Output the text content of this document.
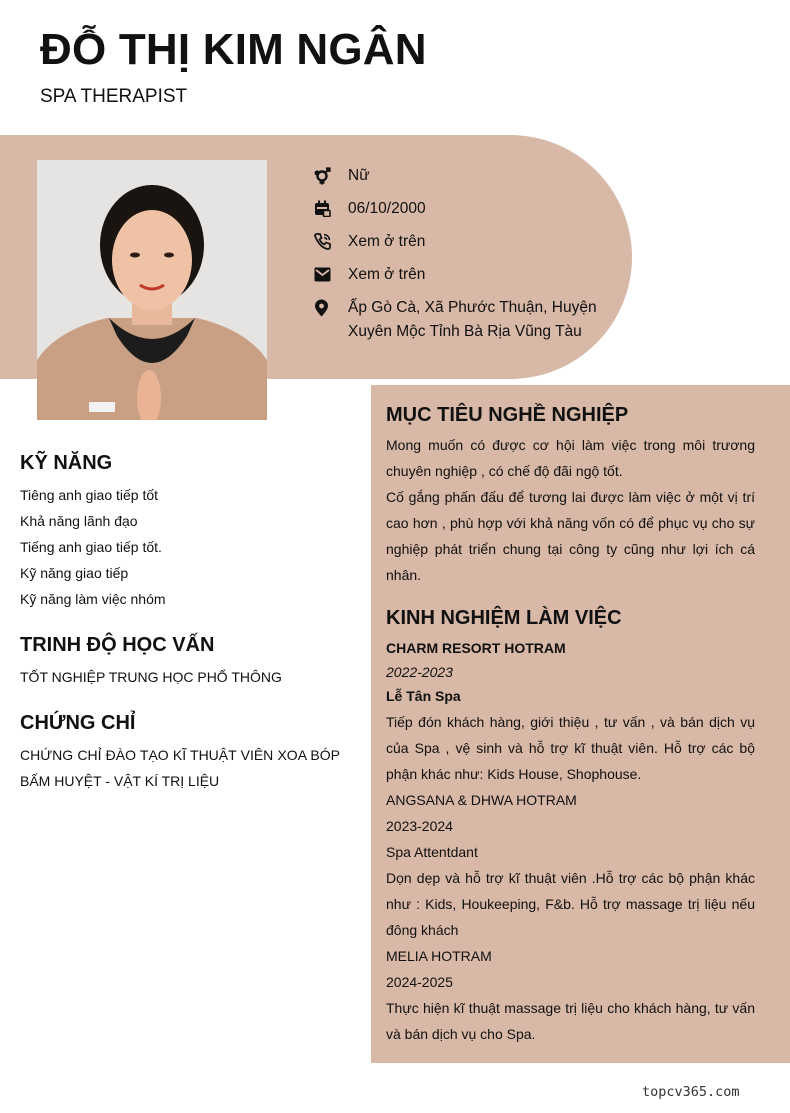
ĐỖ THỊ KIM NGÂN
SPA THERAPIST
Nữ
06/10/2000
Xem ở trên
Xem ở trên
Ấp Gò Cà, Xã Phước Thuận, Huyện Xuyên Mộc Tỉnh Bà Rịa Vũng Tàu
KỸ NĂNG
Tiêng anh giao tiếp tốt
Khả năng lãnh đạo
Tiếng anh giao tiếp tốt.
Kỹ năng giao tiếp
Kỹ năng làm việc nhóm
TRINH ĐỘ HỌC VẤN
TỐT NGHIỆP TRUNG HỌC PHỔ THÔNG
CHỨNG CHỈ
CHỨNG CHỈ ĐÀO TẠO KĨ THUẬT VIÊN XOA BÓP BẤM HUYỆT - VẬT KÍ TRỊ LIỆU
MỤC TIÊU NGHỀ NGHIỆP
Mong muốn có được cơ hội làm việc trong môi trương chuyên nghiệp , có chế độ đãi ngộ tốt.
Cố gắng phấn đấu để tương lai được làm việc ở một vị trí cao hơn , phù hợp với khả năng vốn có để phục vụ cho sự nghiệp phát triển chung tại công ty cũng như lợi ích cá nhân.
KINH NGHIỆM LÀM VIỆC
CHARM RESORT HOTRAM
2022-2023
Lễ Tân Spa
Tiếp đón khách hàng, giới thiệu , tư vấn , và bán dịch vụ của Spa , vệ sinh và hỗ trợ kĩ thuật viên. Hỗ trợ các bộ phận khác như: Kids House, Shophouse.
ANGSANA & DHWA HOTRAM
2023-2024
Spa Attentdant
Dọn dẹp và hỗ trợ kĩ thuật viên .Hỗ trợ các bộ phận khác như : Kids, Houkeeping, F&b. Hỗ trợ massage trị liệu nếu đông khách
MELIA HOTRAM
2024-2025
Thực hiện kĩ thuật massage trị liệu cho khách hàng, tư vấn và bán dịch vụ cho Spa.
topcv365.com
